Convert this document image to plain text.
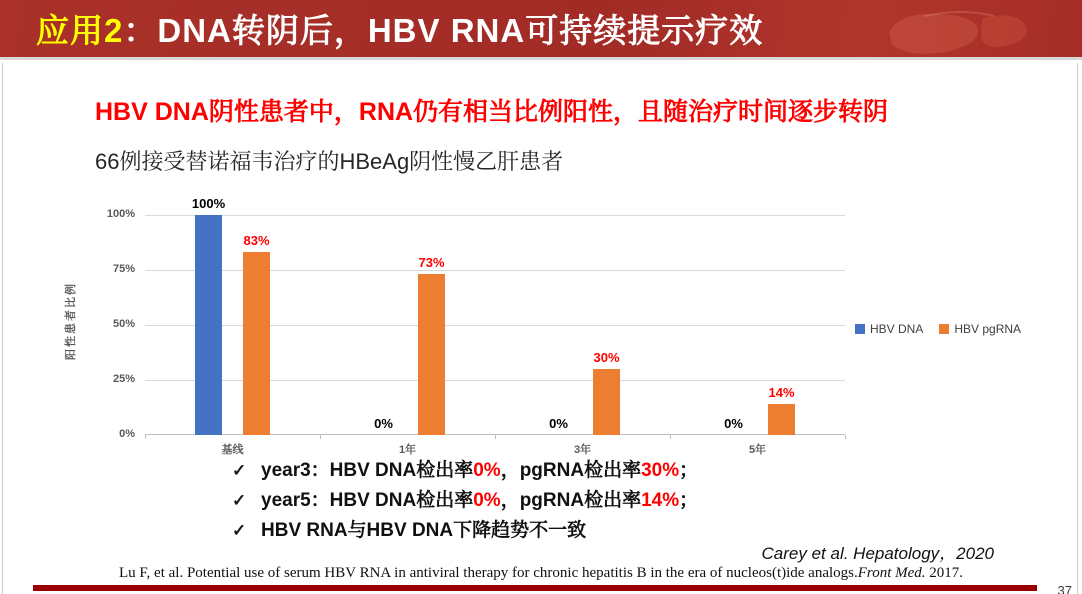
应用2：DNA转阴后，HBV RNA可持续提示疗效
HBV DNA阴性患者中，RNA仍有相当比例阳性，且随治疗时间逐步转阴
66例接受替诺福韦治疗的HBeAg阴性慢乙肝患者
阳性患者比例
100%
75%
50%
25%
0%
100%
83%
0%
73%
0%
30%
0%
14%
基线	1年	3年	5年
HBV DNA	HBV pgRNA
✓ year3：HBV DNA检出率0%，pgRNA检出率30%；
✓ year5：HBV DNA检出率0%，pgRNA检出率14%；
✓ HBV RNA与HBV DNA下降趋势不一致
Carey et al. Hepatology，2020
Lu F, et al. Potential use of serum HBV RNA in antiviral therapy for chronic hepatitis B in the era of nucleos(t)ide analogs.Front Med. 2017.
37
